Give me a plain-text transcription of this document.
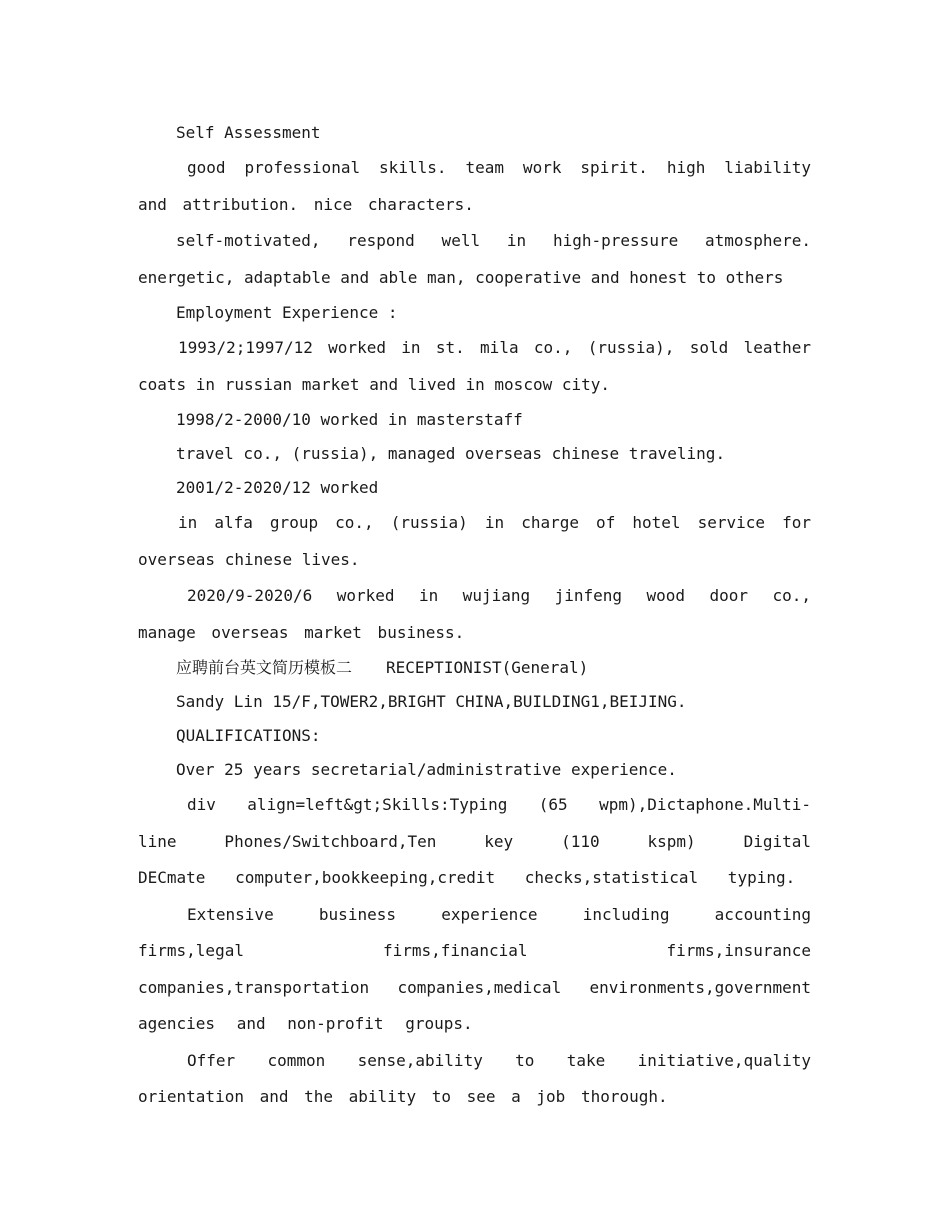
Self Assessment

good professional skills. team work spirit. high liability and attribution. nice characters.

self-motivated, respond well in high-pressure atmosphere. energetic, adaptable and able man, cooperative and honest to others

Employment Experience :

1993/2;1997/12 worked in st. mila co., (russia), sold leather coats in russian market and lived in moscow city.

1998/2-2000/10 worked in masterstaff

travel co., (russia), managed overseas chinese traveling.

2001/2-2020/12 worked

in alfa group co., (russia) in charge of hotel service for overseas chinese lives.

2020/9-2020/6 worked in wujiang jinfeng wood door co., manage overseas market business.

应聘前台英文简历模板二 RECEPTIONIST(General)

Sandy Lin 15/F,TOWER2,BRIGHT CHINA,BUILDING1,BEIJING.

QUALIFICATIONS:

Over 25 years secretarial/administrative experience.

div align=left&gt;Skills:Typing (65 wpm),Dictaphone.Multi-line Phones/Switchboard,Ten key (110 kspm) Digital DECmate computer,bookkeeping,credit checks,statistical typing.

Extensive business experience including accounting firms,legal firms,financial firms,insurance companies,transportation companies,medical environments,government agencies and non-profit groups.

Offer common sense,ability to take initiative,quality orientation and the ability to see a job thorough.
